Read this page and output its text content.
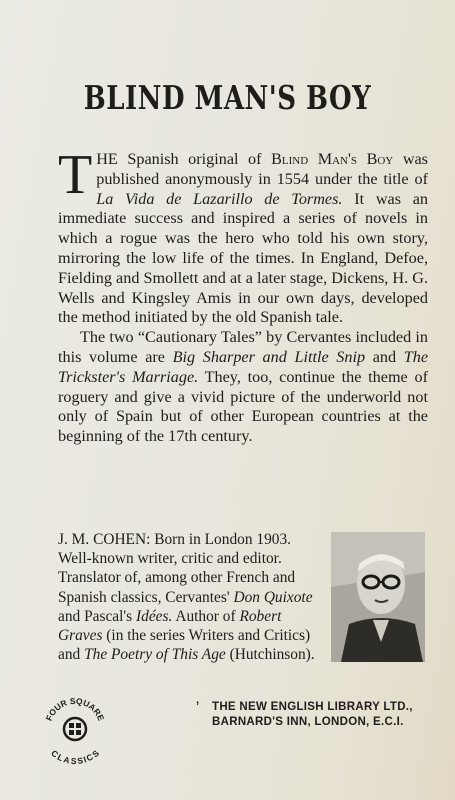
BLIND MAN'S BOY

THE Spanish original of Blind Man's Boy was published anonymously in 1554 under the title of La Vida de Lazarillo de Tormes. It was an immediate success and inspired a series of novels in which a rogue was the hero who told his own story, mirroring the low life of the times. In England, Defoe, Fielding and Smollett and at a later stage, Dickens, H. G. Wells and Kingsley Amis in our own days, developed the method initiated by the old Spanish tale.

The two “Cautionary Tales” by Cervantes included in this volume are Big Sharper and Little Snip and The Trickster's Marriage. They, too, continue the theme of roguery and give a vivid picture of the underworld not only of Spain but of other European countries at the beginning of the 17th century.

J. M. COHEN: Born in London 1903. Well-known writer, critic and editor. Translator of, among other French and Spanish classics, Cervantes' Don Quixote and Pascal's Idées. Author of Robert Graves (in the series Writers and Critics) and The Poetry of This Age (Hutchinson).
FOUR SQUARE
CLASSICS
’ THE NEW ENGLISH LIBRARY LTD.,
BARNARD'S INN, LONDON, E.C.I.
